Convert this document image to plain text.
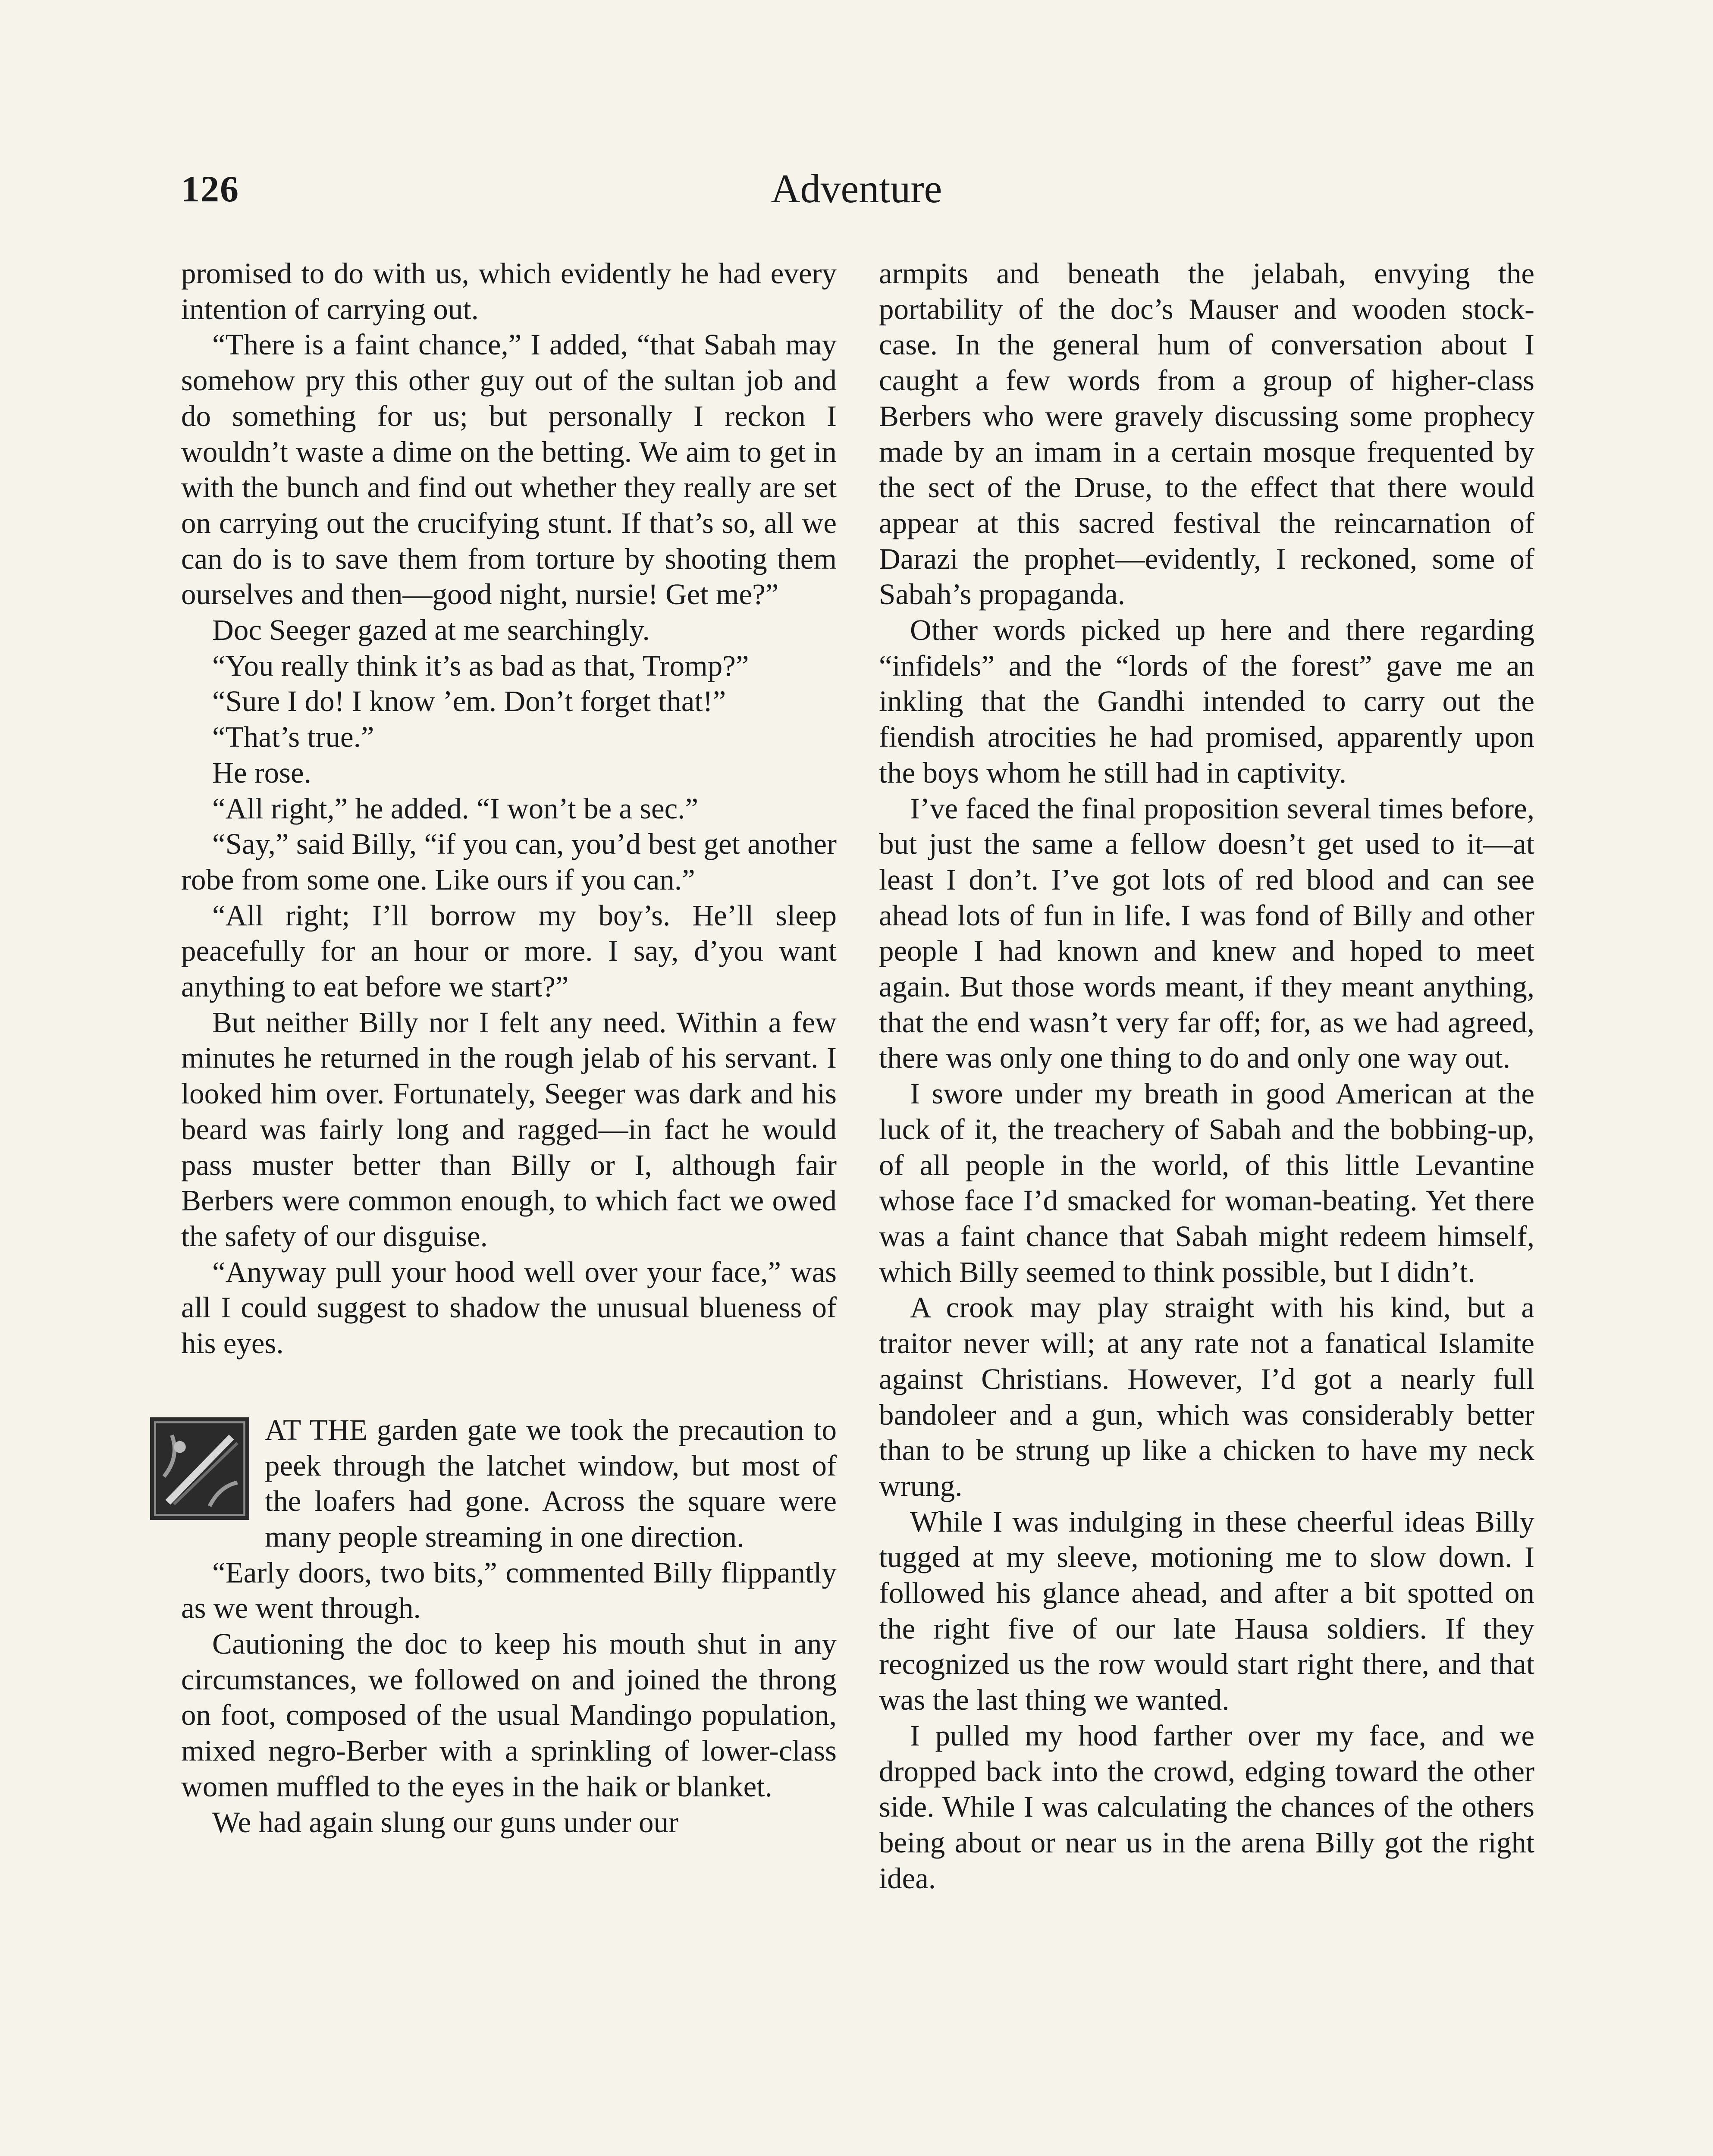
126	Adventure

promised to do with us, which evidently he had every intention of carrying out.

“There is a faint chance,” I added, “that Sabah may somehow pry this other guy out of the sultan job and do something for us; but personally I reckon I wouldn’t waste a dime on the betting. We aim to get in with the bunch and find out whether they really are set on carrying out the crucifying stunt. If that’s so, all we can do is to save them from torture by shooting them ourselves and then—good night, nursie! Get me?”

Doc Seeger gazed at me searchingly.

“You really think it’s as bad as that, Tromp?”

“Sure I do! I know ’em. Don’t forget that!”

“That’s true.”

He rose.

“All right,” he added. “I won’t be a sec.”

“Say,” said Billy, “if you can, you’d best get another robe from some one. Like ours if you can.”

“All right; I’ll borrow my boy’s. He’ll sleep peacefully for an hour or more. I say, d’you want anything to eat before we start?”

But neither Billy nor I felt any need. Within a few minutes he returned in the rough jelab of his servant. I looked him over. Fortunately, Seeger was dark and his beard was fairly long and ragged—in fact he would pass muster better than Billy or I, although fair Berbers were common enough, to which fact we owed the safety of our disguise.

“Anyway pull your hood well over your face,” was all I could suggest to shadow the unusual blueness of his eyes.

AT THE garden gate we took the precaution to peek through the latchet window, but most of the loafers had gone. Across the square were many people streaming in one direction.

“Early doors, two bits,” commented Billy flippantly as we went through.

Cautioning the doc to keep his mouth shut in any circumstances, we followed on and joined the throng on foot, composed of the usual Mandingo population, mixed negro-Berber with a sprinkling of lower-class women muffled to the eyes in the haik or blanket.

We had again slung our guns under our

armpits and beneath the jelabah, envying the portability of the doc’s Mauser and wooden stock-case. In the general hum of conversation about I caught a few words from a group of higher-class Berbers who were gravely discussing some prophecy made by an imam in a certain mosque frequented by the sect of the Druse, to the effect that there would appear at this sacred festival the reincarnation of Darazi the prophet—evidently, I reckoned, some of Sabah’s propaganda.

Other words picked up here and there regarding “infidels” and the “lords of the forest” gave me an inkling that the Gandhi intended to carry out the fiendish atrocities he had promised, apparently upon the boys whom he still had in captivity.

I’ve faced the final proposition several times before, but just the same a fellow doesn’t get used to it—at least I don’t. I’ve got lots of red blood and can see ahead lots of fun in life. I was fond of Billy and other people I had known and knew and hoped to meet again. But those words meant, if they meant anything, that the end wasn’t very far off; for, as we had agreed, there was only one thing to do and only one way out.

I swore under my breath in good American at the luck of it, the treachery of Sabah and the bobbing-up, of all people in the world, of this little Levantine whose face I’d smacked for woman-beating. Yet there was a faint chance that Sabah might redeem himself, which Billy seemed to think possible, but I didn’t.

A crook may play straight with his kind, but a traitor never will; at any rate not a fanatical Islamite against Christians. However, I’d got a nearly full bandoleer and a gun, which was considerably better than to be strung up like a chicken to have my neck wrung.

While I was indulging in these cheerful ideas Billy tugged at my sleeve, motioning me to slow down. I followed his glance ahead, and after a bit spotted on the right five of our late Hausa soldiers. If they recognized us the row would start right there, and that was the last thing we wanted.

I pulled my hood farther over my face, and we dropped back into the crowd, edging toward the other side. While I was calculating the chances of the others being about or near us in the arena Billy got the right idea.
